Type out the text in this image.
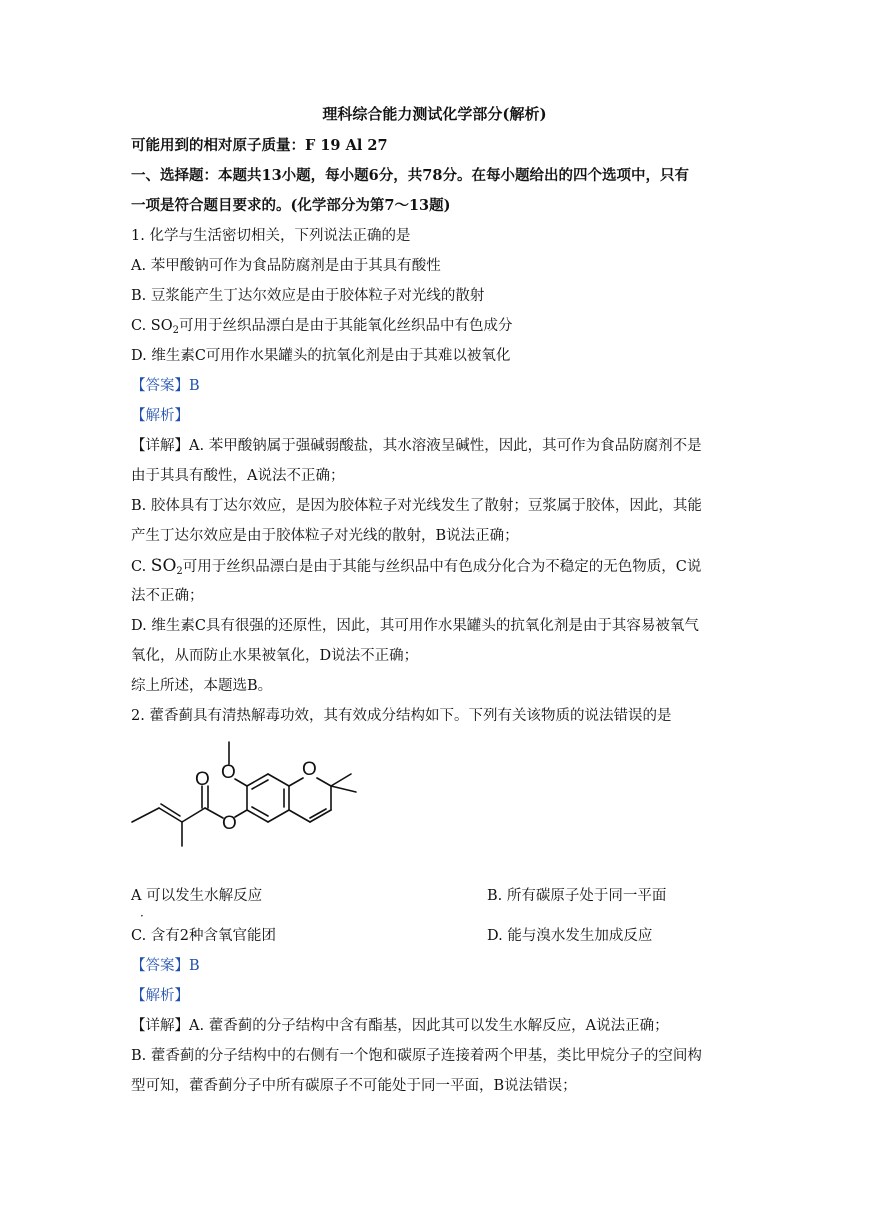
理科综合能力测试化学部分(解析)
可能用到的相对原子质量：F 19 Al 27
一、选择题：本题共13小题，每小题6分，共78分。在每小题给出的四个选项中，只有
一项是符合题目要求的。(化学部分为第7～13题)
1. 化学与生活密切相关，下列说法正确的是
A. 苯甲酸钠可作为食品防腐剂是由于其具有酸性
B. 豆浆能产生丁达尔效应是由于胶体粒子对光线的散射
C. $SO_2$可用于丝织品漂白是由于其能氧化丝织品中有色成分
D. 维生素C可用作水果罐头的抗氧化剂是由于其难以被氧化
【答案】B
【解析】
【详解】A. 苯甲酸钠属于强碱弱酸盐，其水溶液呈碱性，因此，其可作为食品防腐剂不是
由于其具有酸性，A说法不正确；
B. 胶体具有丁达尔效应，是因为胶体粒子对光线发生了散射；豆浆属于胶体，因此，其能
产生丁达尔效应是由于胶体粒子对光线的散射，B说法正确；
C. $SO_2$可用于丝织品漂白是由于其能与丝织品中有色成分化合为不稳定的无色物质，C说
法不正确；
D. 维生素C具有很强的还原性，因此，其可用作水果罐头的抗氧化剂是由于其容易被氧气
氧化，从而防止水果被氧化，D说法不正确；
综上所述，本题选B。
2. 藿香蓟具有清热解毒功效，其有效成分结构如下。下列有关该物质的说法错误的是
O	O
O
O
A 可以发生水解反应
·
B. 所有碳原子处于同一平面
C. 含有2种含氧官能团	D. 能与溴水发生加成反应
【答案】B
【解析】
【详解】A. 藿香蓟的分子结构中含有酯基，因此其可以发生水解反应，A说法正确；
B. 藿香蓟的分子结构中的右侧有一个饱和碳原子连接着两个甲基，类比甲烷分子的空间构
型可知，藿香蓟分子中所有碳原子不可能处于同一平面，B说法错误；
